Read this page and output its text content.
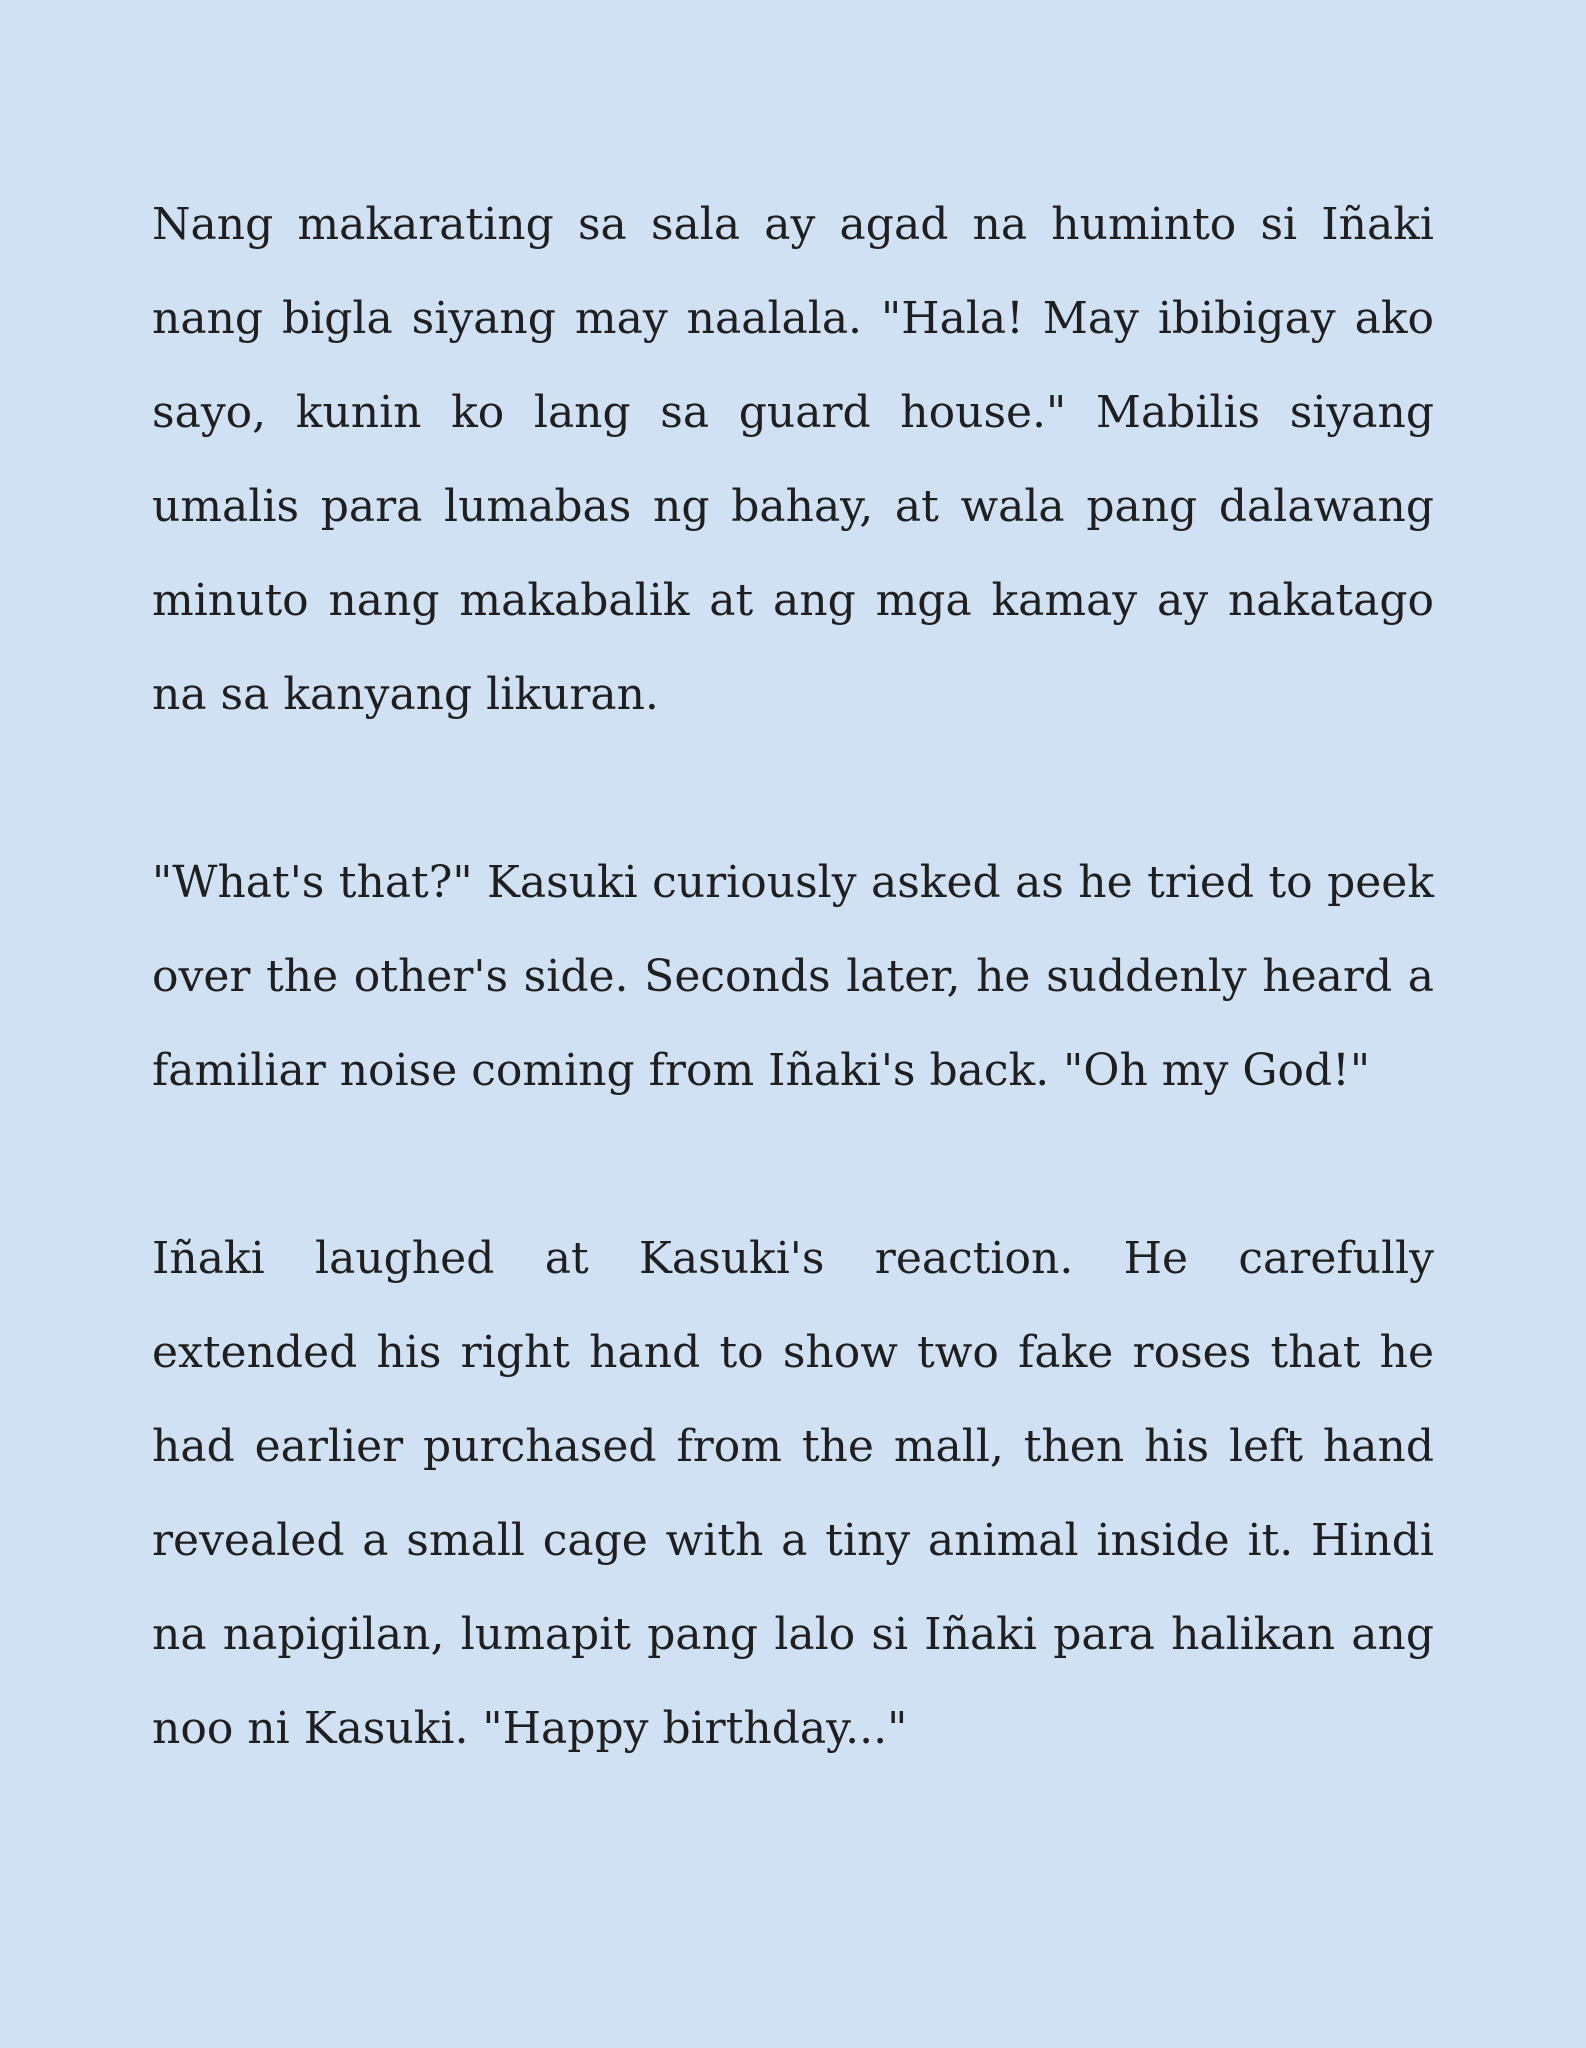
Nang makarating sa sala ay agad na huminto si Iñaki nang bigla siyang may naalala. "Hala! May ibibigay ako sayo, kunin ko lang sa guard house." Mabilis siyang umalis para lumabas ng bahay, at wala pang dalawang minuto nang makabalik at ang mga kamay ay nakatago na sa kanyang likuran.

"What's that?" Kasuki curiously asked as he tried to peek over the other's side. Seconds later, he suddenly heard a familiar noise coming from Iñaki's back. "Oh my God!"

Iñaki laughed at Kasuki's reaction. He carefully extended his right hand to show two fake roses that he had earlier purchased from the mall, then his left hand revealed a small cage with a tiny animal inside it. Hindi na napigilan, lumapit pang lalo si Iñaki para halikan ang noo ni Kasuki. "Happy birthday..."
